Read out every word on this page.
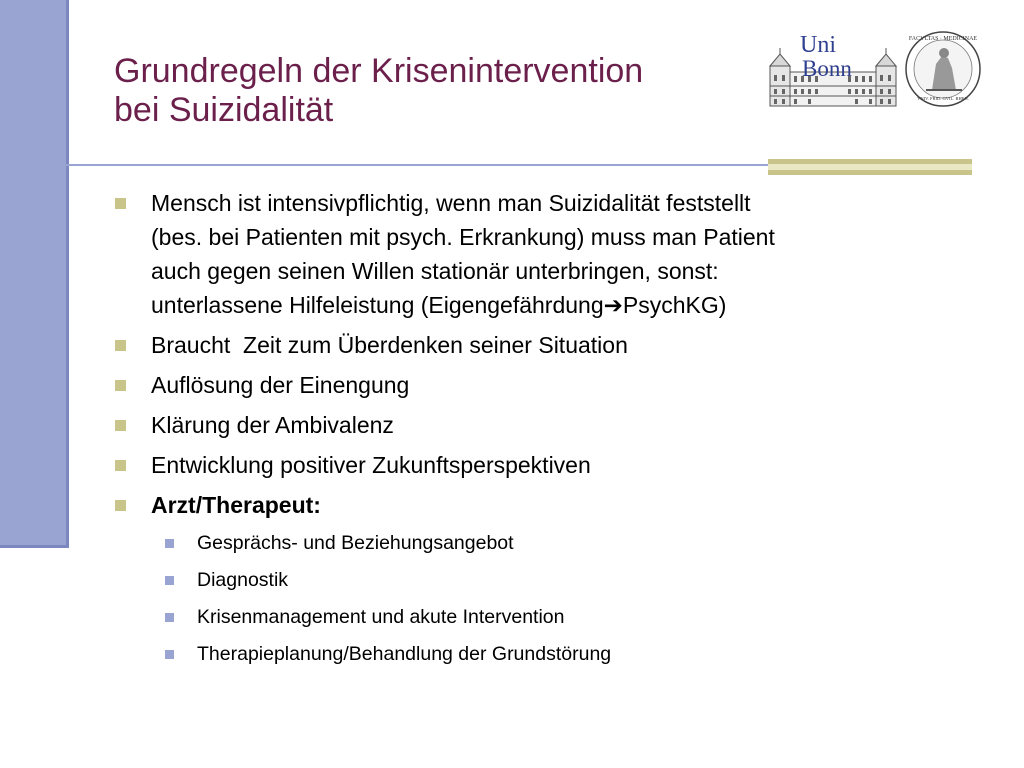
Grundregeln der Krisenintervention
bei Suizidalität
Uni
Bonn
FACVLTAS · MEDICINAE
VNIV. FRID. GVIL. RHEN.
Mensch ist intensivpflichtig, wenn man Suizidalität feststellt
(bes. bei Patienten mit psych. Erkrankung) muss man Patient
auch gegen seinen Willen stationär unterbringen, sonst:
unterlassene Hilfeleistung (Eigengefährdung➔PsychKG)
Braucht  Zeit zum Überdenken seiner Situation
Auflösung der Einengung
Klärung der Ambivalenz
Entwicklung positiver Zukunftsperspektiven
Arzt/Therapeut:
Gesprächs- und Beziehungsangebot
Diagnostik
Krisenmanagement und akute Intervention
Therapieplanung/Behandlung der Grundstörung
